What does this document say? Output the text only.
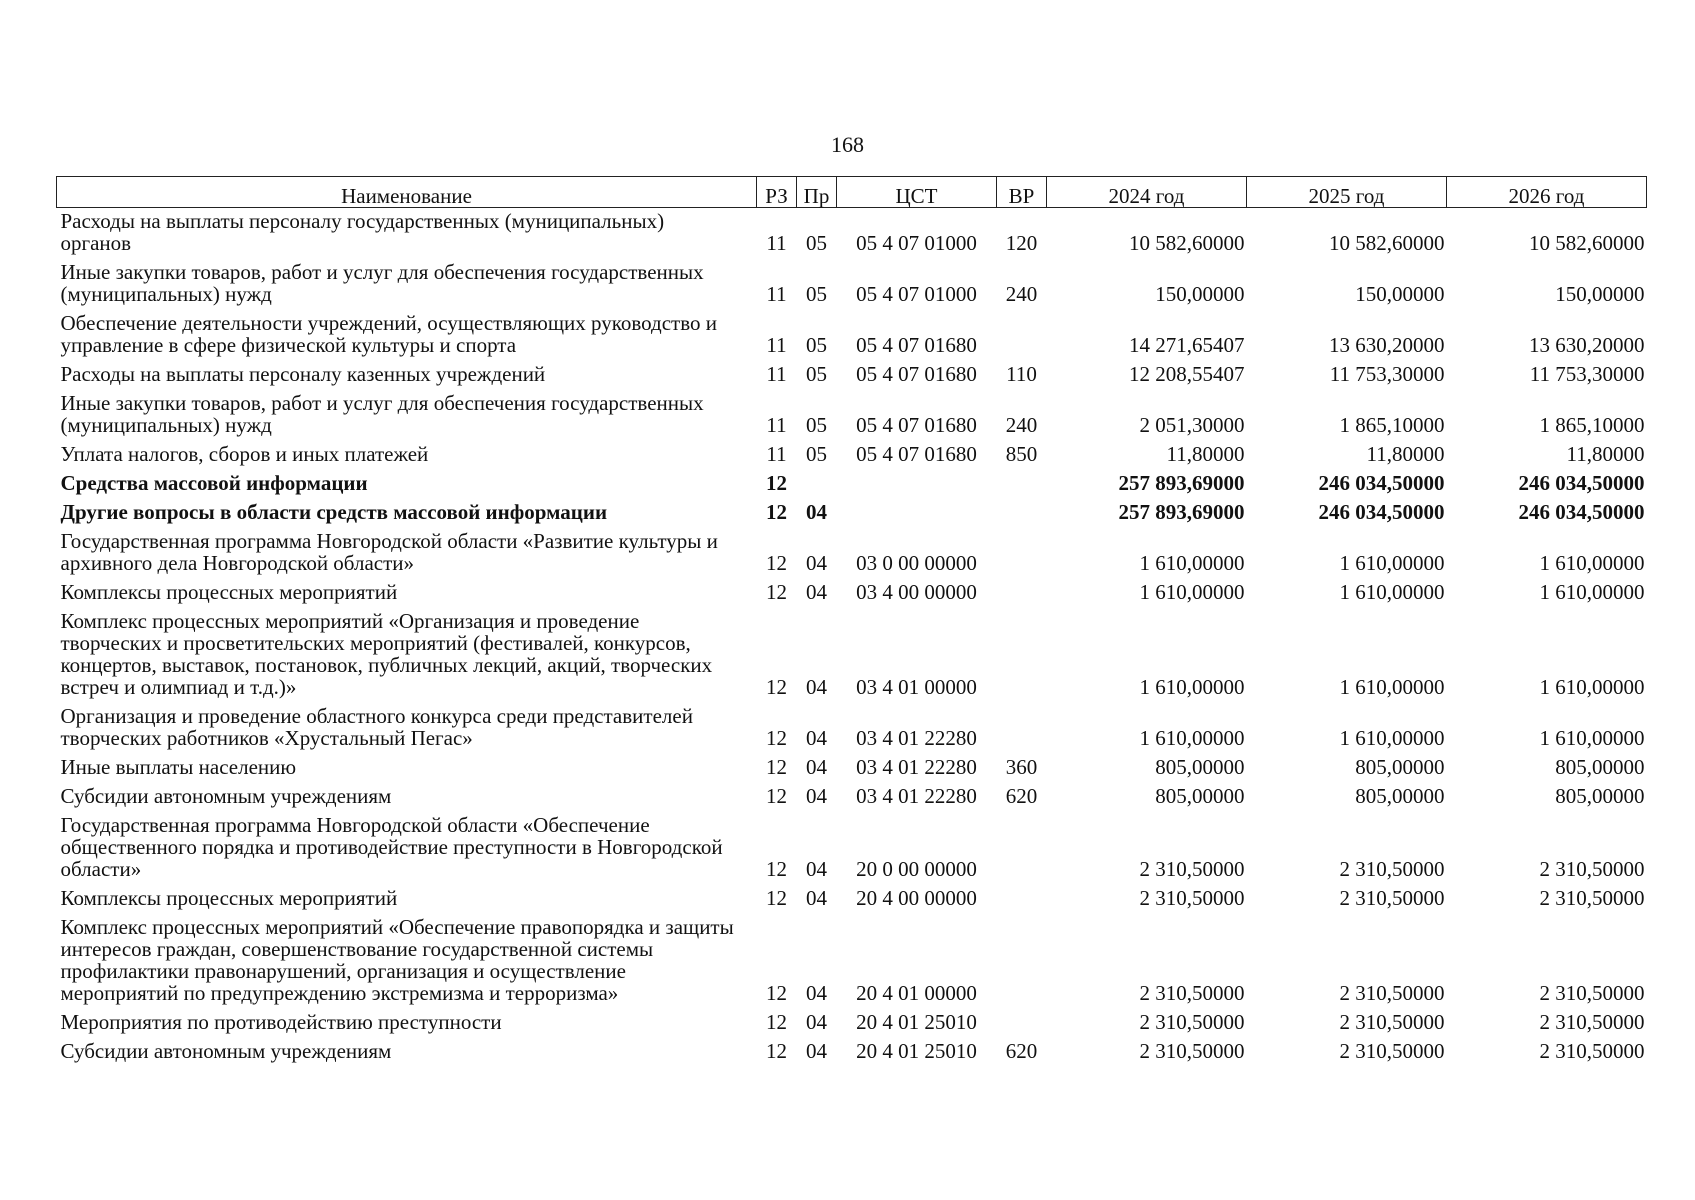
168
Наименование	РЗ	Пр	ЦСТ	ВР	2024 год	2025 год	2026 год
Расходы на выплаты персоналу государственных (муниципальных) органов	11	05	05 4 07 01000	120	10 582,60000	10 582,60000	10 582,60000
Иные закупки товаров, работ и услуг для обеспечения государственных (муниципальных) нужд	11	05	05 4 07 01000	240	150,00000	150,00000	150,00000
Обеспечение деятельности учреждений, осуществляющих руководство и управление в сфере физической культуры и спорта	11	05	05 4 07 01680		14 271,65407	13 630,20000	13 630,20000
Расходы на выплаты персоналу казенных учреждений	11	05	05 4 07 01680	110	12 208,55407	11 753,30000	11 753,30000
Иные закупки товаров, работ и услуг для обеспечения государственных (муниципальных) нужд	11	05	05 4 07 01680	240	2 051,30000	1 865,10000	1 865,10000
Уплата налогов, сборов и иных платежей	11	05	05 4 07 01680	850	11,80000	11,80000	11,80000
Средства массовой информации	12				257 893,69000	246 034,50000	246 034,50000
Другие вопросы в области средств массовой информации	12	04			257 893,69000	246 034,50000	246 034,50000
Государственная программа Новгородской области «Развитие культуры и архивного дела Новгородской области»	12	04	03 0 00 00000		1 610,00000	1 610,00000	1 610,00000
Комплексы процессных мероприятий	12	04	03 4 00 00000		1 610,00000	1 610,00000	1 610,00000
Комплекс процессных мероприятий «Организация и проведение творческих и просветительских мероприятий (фестивалей, конкурсов, концертов, выставок, постановок, публичных лекций, акций, творческих встреч и олимпиад и т.д.)»	12	04	03 4 01 00000		1 610,00000	1 610,00000	1 610,00000
Организация и проведение областного конкурса среди представителей творческих работников «Хрустальный Пегас»	12	04	03 4 01 22280		1 610,00000	1 610,00000	1 610,00000
Иные выплаты населению	12	04	03 4 01 22280	360	805,00000	805,00000	805,00000
Субсидии автономным учреждениям	12	04	03 4 01 22280	620	805,00000	805,00000	805,00000
Государственная программа Новгородской области «Обеспечение общественного порядка и противодействие преступности в Новгородской области»	12	04	20 0 00 00000		2 310,50000	2 310,50000	2 310,50000
Комплексы процессных мероприятий	12	04	20 4 00 00000		2 310,50000	2 310,50000	2 310,50000
Комплекс процессных мероприятий «Обеспечение правопорядка и защиты интересов граждан, совершенствование государственной системы профилактики правонарушений, организация и осуществление мероприятий по предупреждению экстремизма и терроризма»	12	04	20 4 01 00000		2 310,50000	2 310,50000	2 310,50000
Мероприятия по противодействию преступности	12	04	20 4 01 25010		2 310,50000	2 310,50000	2 310,50000
Субсидии автономным учреждениям	12	04	20 4 01 25010	620	2 310,50000	2 310,50000	2 310,50000
